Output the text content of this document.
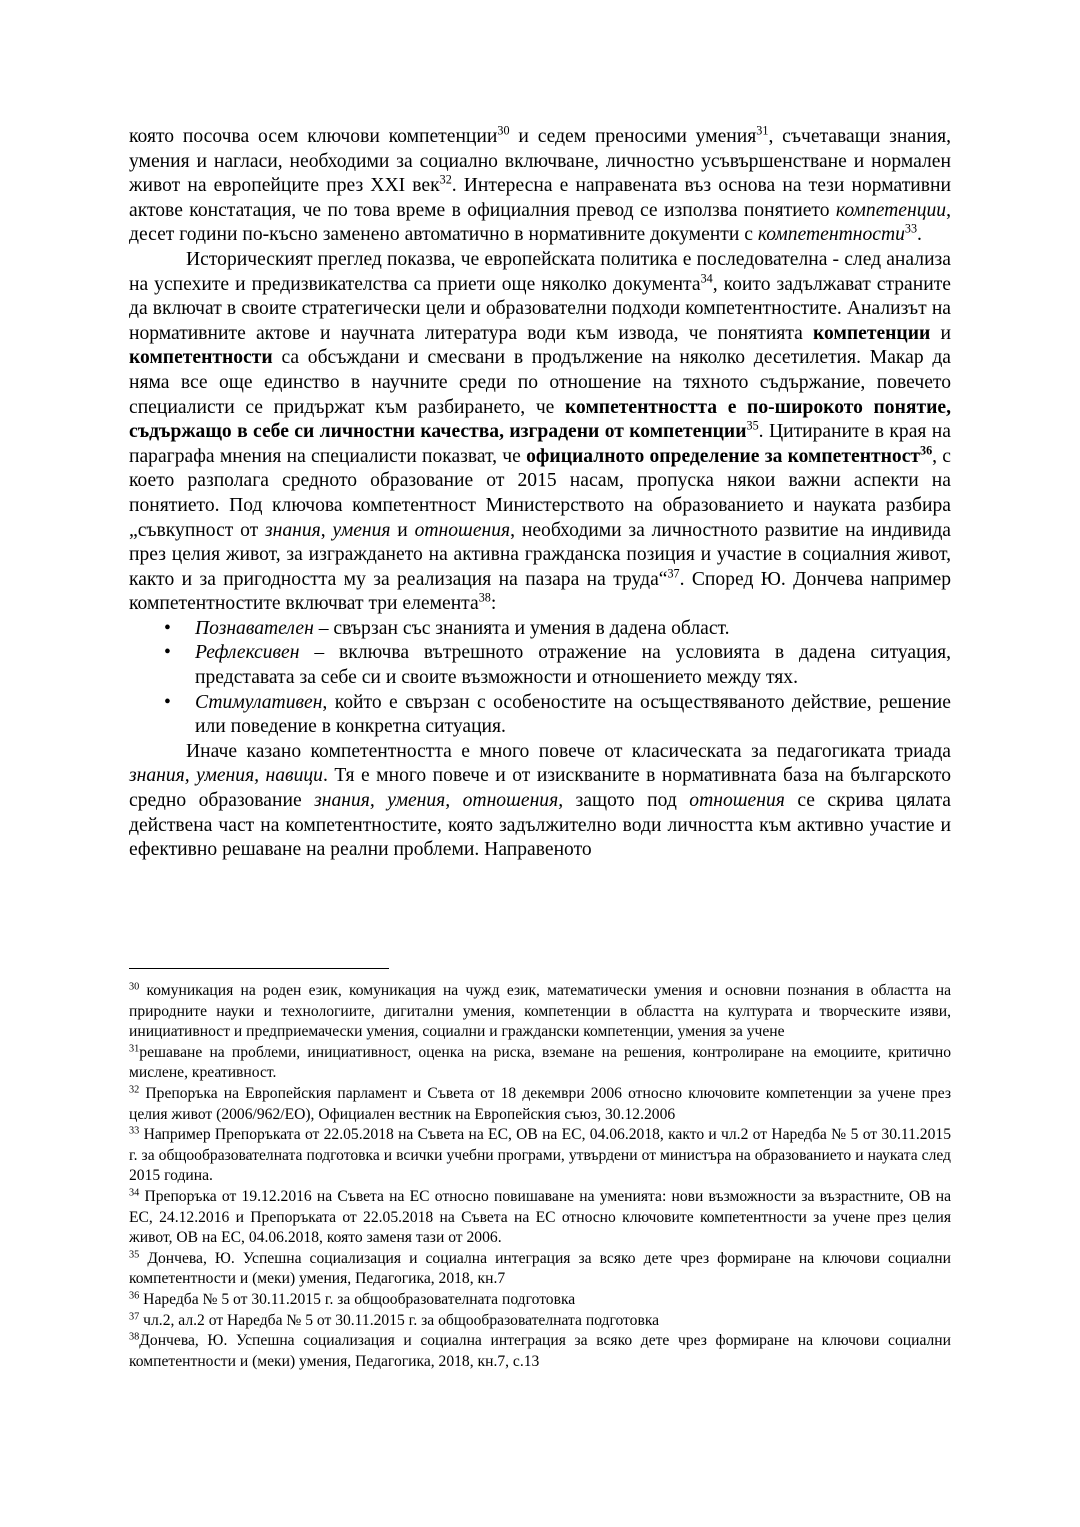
която посочва осем ключови компетенции$^{30}$ и седем преносими умения$^{31}$, съчетаващи знания, умения и нагласи, необходими за социално включване, личностно усъвършенстване и нормален живот на европейците през XXI век$^{32}$. Интересна е направената въз основа на тези нормативни актове констатация, че по това време в официалния превод се използва понятието компетенции, десет години по-късно заменено автоматично в нормативните документи с компетентности$^{33}$.

Историческият преглед показва, че европейската политика е последователна - след анализа на успехите и предизвикателства са приети още няколко документа$^{34}$, които задължават страните да включат в своите стратегически цели и образователни подходи компетентностите. Анализът на нормативните актове и научната литература води към извода, че понятията компетенции и компетентности са обсъждани и смесвани в продължение на няколко десетилетия. Макар да няма все още единство в научните среди по отношение на тяхното съдържание, повечето специалисти се придържат към разбирането, че компетентността е по-широкото понятие, съдържащо в себе си личностни качества, изградени от компетенции$^{35}$. Цитираните в края на параграфа мнения на специалисти показват, че официалното определение за компетентност$^{36}$, с което разполага средното образование от 2015 насам, пропуска някои важни аспекти на понятието. Под ключова компетентност Министерството на образованието и науката разбира „съвкупност от знания, умения и отношения, необходими за личностното развитие на индивида през целия живот, за изграждането на активна гражданска позиция и участие в социалния живот, както и за пригодността му за реализация на пазара на труда“$^{37}$. Според Ю. Дончева например компетентностите включват три елемента$^{38}$:

• Познавателен – свързан със знанията и умения в дадена област.
• Рефлексивен – включва вътрешното отражение на условията в дадена ситуация, представата за себе си и своите възможности и отношението между тях.
• Стимулативен, който е свързан с особеностите на осъществяваното действие, решение или поведение в конкретна ситуация.

Иначе казано компетентността е много повече от класическата за педагогиката триада знания, умения, навици. Тя е много повече и от изискваните в нормативната база на българското средно образование знания, умения, отношения, защото под отношения се скрива цялата действена част на компетентностите, която задължително води личността към активно участие и ефективно решаване на реални проблеми. Направеното

$^{30}$ комуникация на роден език, комуникация на чужд език, математически умения и основни познания в областта на природните науки и технологиите, дигитални умения, компетенции в областта на културата и творческите изяви, инициативност и предприемачески умения, социални и граждански компетенции, умения за учене

$^{31}$решаване на проблеми, инициативност, оценка на риска, вземане на решения, контролиране на емоциите, критично мислене, креативност.

$^{32}$ Препоръка на Европейския парламент и Съвета от 18 декември 2006 относно ключовите компетенции за учене през целия живот (2006/962/ЕО), Официален вестник на Европейския съюз, 30.12.2006

$^{33}$ Например Препоръката от 22.05.2018 на Съвета на ЕС, ОВ на ЕС, 04.06.2018, както и чл.2 от Наредба № 5 от 30.11.2015 г. за общообразователната подготовка и всички учебни програми, утвърдени от министъра на образованието и науката след 2015 година.

$^{34}$ Препоръка от 19.12.2016 на Съвета на ЕС относно повишаване на уменията: нови възможности за възрастните, ОВ на ЕС, 24.12.2016 и Препоръката от 22.05.2018 на Съвета на ЕС относно ключовите компетентности за учене през целия живот, ОВ на ЕС, 04.06.2018, която заменя тази от 2006.

$^{35}$ Дончева, Ю. Успешна социализация и социална интеграция за всяко дете чрез формиране на ключови социални компетентности и (меки) умения, Педагогика, 2018, кн.7

$^{36}$ Наредба № 5 от 30.11.2015 г. за общообразователната подготовка

$^{37}$ чл.2, ал.2 от Наредба № 5 от 30.11.2015 г. за общообразователната подготовка

$^{38}$Дончева, Ю. Успешна социализация и социална интеграция за всяко дете чрез формиране на ключови социални компетентности и (меки) умения, Педагогика, 2018, кн.7, с.13
